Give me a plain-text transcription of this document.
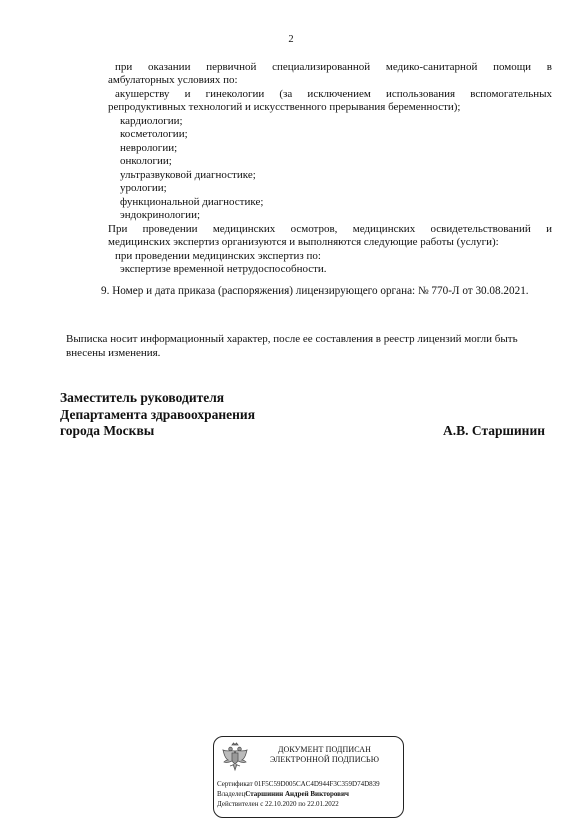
2
при оказании первичной специализированной медико-санитарной помощи в
амбулаторных условиях по:
акушерству и гинекологии (за исключением использования вспомогательных
репродуктивных технологий и искусственного прерывания беременности);
кардиологии;
косметологии;
неврологии;
онкологии;
ультразвуковой диагностике;
урологии;
функциональной диагностике;
эндокринологии;
При проведении медицинских осмотров, медицинских освидетельствований и
медицинских экспертиз организуются и выполняются следующие работы (услуги):
при проведении медицинских экспертиз по:
экспертизе временной нетрудоспособности.
9. Номер и дата приказа (распоряжения) лицензирующего органа: № 770-Л от 30.08.2021.
Выписка носит информационный характер, после ее составления в реестр лицензий могли быть
внесены изменения.
Заместитель руководителя
Департамента здравоохранения
города Москвы	А.В. Старшинин
ДОКУМЕНТ ПОДПИСАН
ЭЛЕКТРОННОЙ ПОДПИСЬЮ
Сертификат 01F5C59D005CAC4D944F3C359D74D839
ВладелецСтаршинин Андрей Викторович
Действителен с 22.10.2020 по 22.01.2022
